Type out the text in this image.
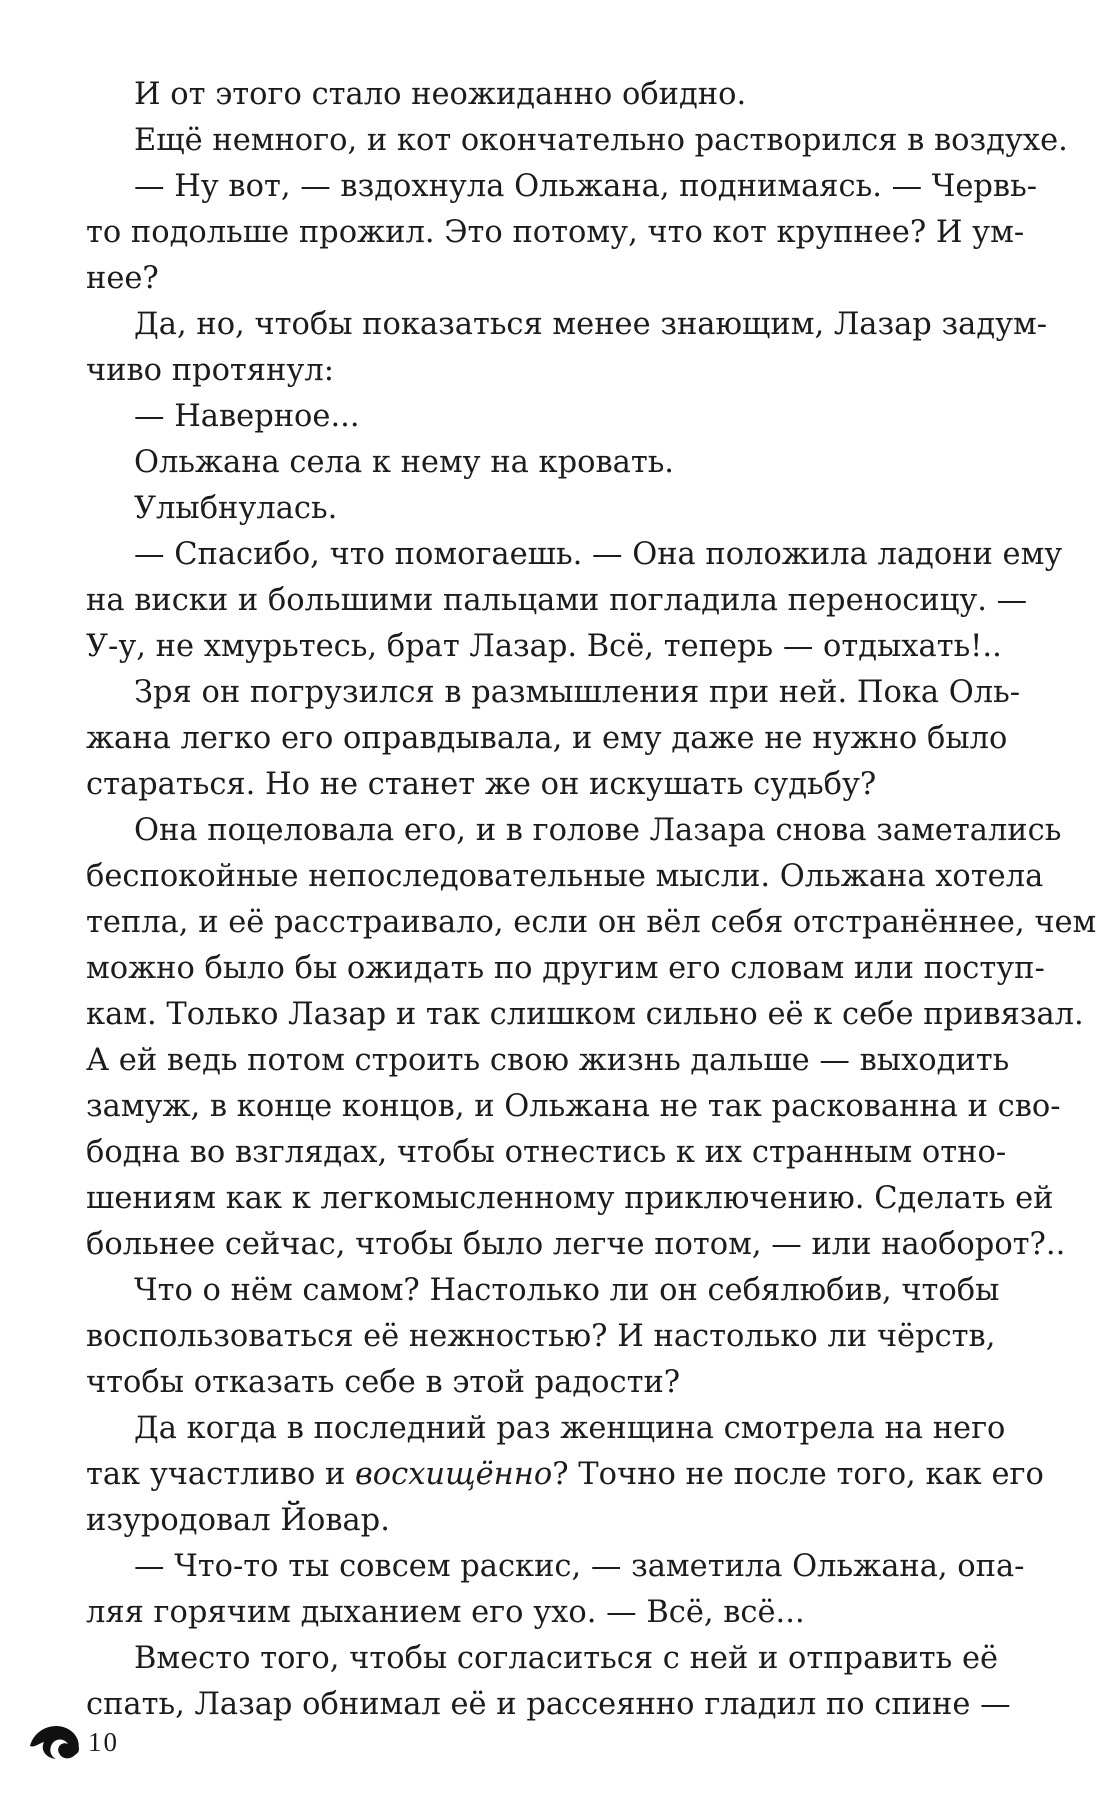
И от этого стало неожиданно обидно.
Ещё немного, и кот окончательно растворился в воздухе.
— Ну вот, — вздохнула Ольжана, поднимаясь. — Червь-
то подольше прожил. Это потому, что кот крупнее? И ум-
нее?
Да, но, чтобы показаться менее знающим, Лазар задум-
чиво протянул:
— Наверное...
Ольжана села к нему на кровать.
Улыбнулась.
— Спасибо, что помогаешь. — Она положила ладони ему
на виски и большими пальцами погладила переносицу. —
У-у, не хмурьтесь, брат Лазар. Всё, теперь — отдыхать!..
Зря он погрузился в размышления при ней. Пока Оль-
жана легко его оправдывала, и ему даже не нужно было
стараться. Но не станет же он искушать судьбу?
Она поцеловала его, и в голове Лазара снова заметались
беспокойные непоследовательные мысли. Ольжана хотела
тепла, и её расстраивало, если он вёл себя отстранённее, чем
можно было бы ожидать по другим его словам или поступ-
кам. Только Лазар и так слишком сильно её к себе привязал.
А ей ведь потом строить свою жизнь дальше — выходить
замуж, в конце концов, и Ольжана не так раскованна и сво-
бодна во взглядах, чтобы отнестись к их странным отно-
шениям как к легкомысленному приключению. Сделать ей
больнее сейчас, чтобы было легче потом, — или наоборот?..
Что о нём самом? Настолько ли он себялюбив, чтобы
воспользоваться её нежностью? И настолько ли чёрств,
чтобы отказать себе в этой радости?
Да когда в последний раз женщина смотрела на него
так участливо и восхищённо? Точно не после того, как его
изуродовал Йовар.
— Что-то ты совсем раскис, — заметила Ольжана, опа-
ляя горячим дыханием его ухо. — Всё, всё...
Вместо того, чтобы согласиться с ней и отправить её
спать, Лазар обнимал её и рассеянно гладил по спине —
10
